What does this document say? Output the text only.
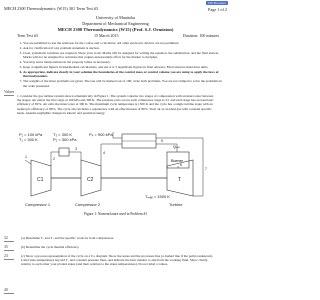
MECH 2300 Thermodynamics (W15) 301 Term Test #3
Fill Processor
Page 1 of 2
University of Manitoba
Department of Mechanical Engineering
MECH 2300 Thermodynamics (W15) (Prof. S.J. Ormiston)
Term Test #3	15 March 2015	Duration: 100 minutes
1. You are permitted to use the textbook for the course and a calculator. All other electronic devices are not permitted.
2. Ask for clarification if any problem statement is unclear.
3. Clear, systematic solutions are required. Show your work. Marks will be assigned for writing the equation, the substitution, and the final answer. Marks will not be assigned for solutions that require unreasonable effort for the marker to decipher.
4. You may leave interpolations in the property tables as necessary.
5. Keep 4 significant figures in intermediate calculations, and use 4 or 5 significant figures in final answers. Final answers must have units.
6. As appropriate, indicate clearly in your solution the boundaries of the control mass or control volume you are using to apply the laws of thermodynamics.
7. The weights of the three problems are given. The test will be marked out of 100; write both problems. You are not obliged to solve the problems in the order presented.
Values
1. Consider the gas turbine system shown schematically in Figure 1. The system contains two stages of compression with an intercooler between the stages. Air enters the first stage at 100 kPa and 300 K. The pressure ratio across each compressor stage is 3:1 and each stage has an isentropic efficiency of 82%. Air exits the intercooler at 300 K. The maximum cycle temperature is 1500 K and the cycle has a single turbine stage with an isentropic efficiency of 86%. The cycle also includes a regenerator with an effectiveness of 80%. Treat air as an ideal gas with constant specific heats. Assume negligible changes in kinetic and potential energy.
P₁ = 100 kPa
T₁ = 300 K
T₃ = 300 K
P₂ = 300 kPa
P₄ = 900 kPa
Burner
Qₒᵢₙ
C1	C2	T
1	2
3
4
5
6
7
Tₘₐₓ = 1500 K
Compressor 1	Compressor 2	Turbine
Figure 1: Nomenclature used in Problem #1
32	(a) Determine T₂ and T₄ and the specific work for both compressors.
35	(b) Determine the cycle thermal efficiency.
23	(c) Show a process representation of the cycle on a T-s diagram. Show the states and the processes line (a dashed line if the path is unknown). Label state temperatures beyond T₁ and constant pressure lines, and indicate the heat transfer to and from the working fluid. Show clearly relative to each other your plotted states (and their relation to the states temperatures). Do not label a values.
40
